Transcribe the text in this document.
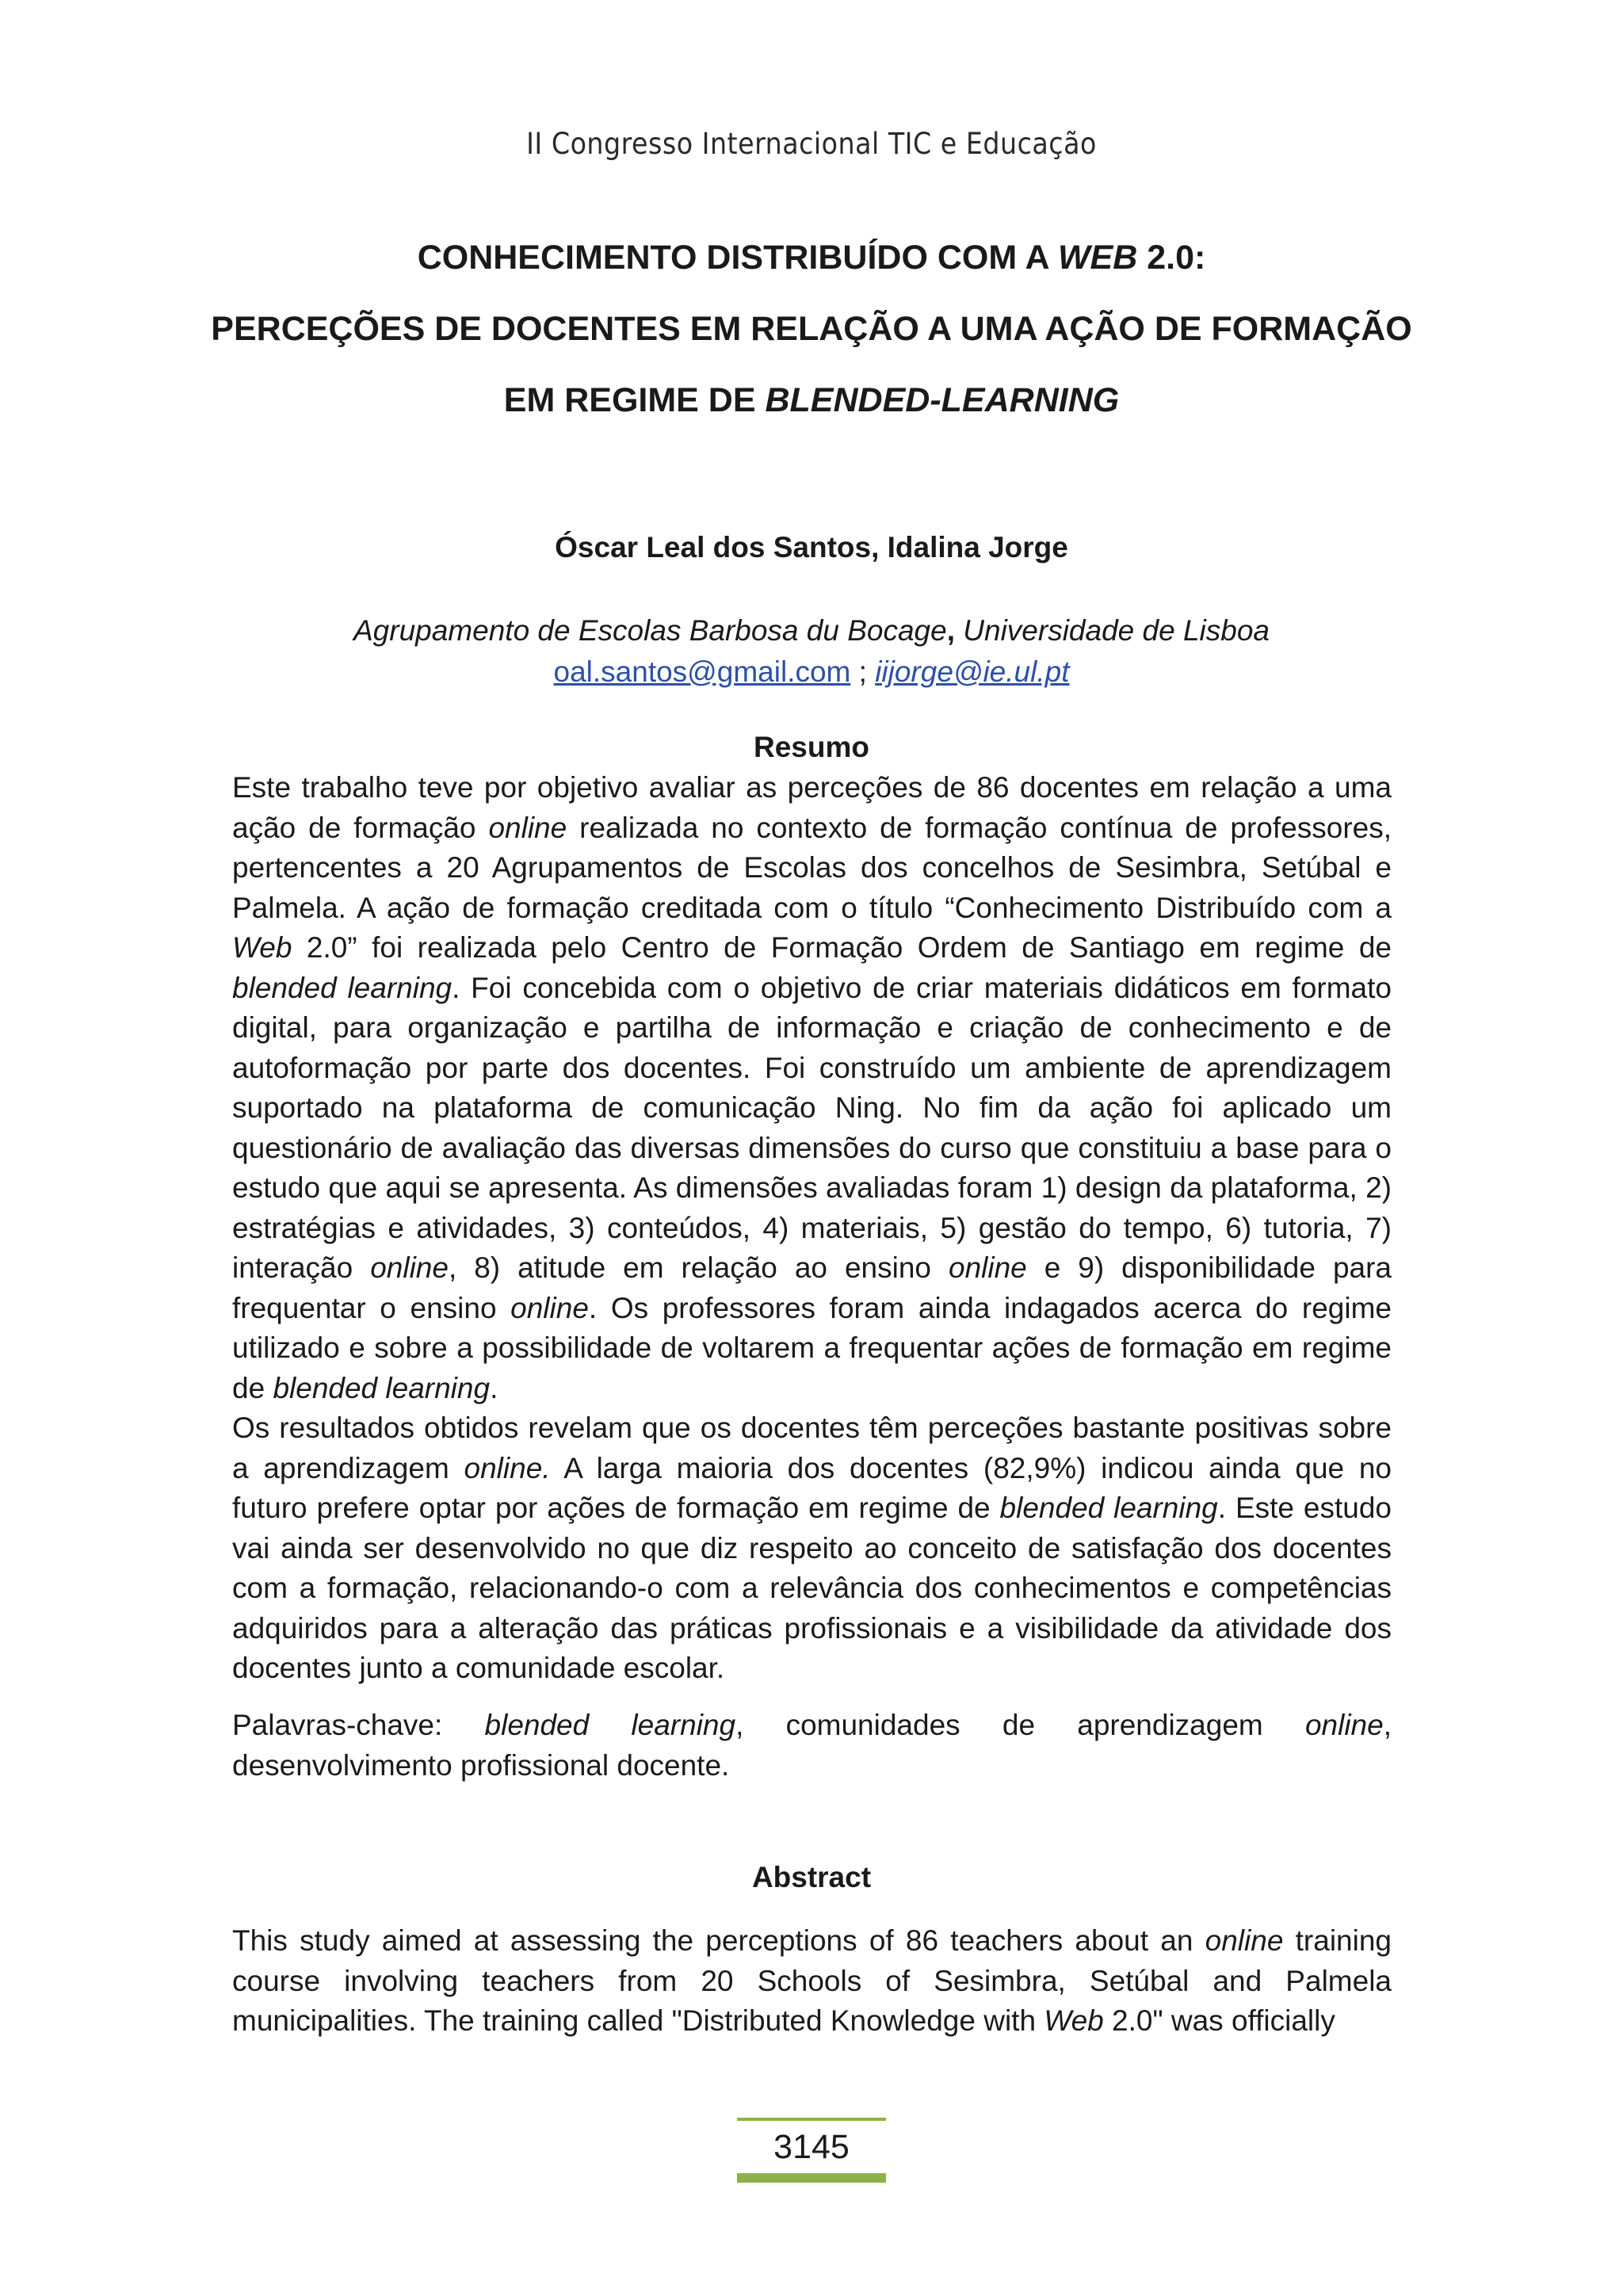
II Congresso Internacional TIC e Educação
CONHECIMENTO DISTRIBUÍDO COM A WEB 2.0:
PERCEÇÕES DE DOCENTES EM RELAÇÃO A UMA AÇÃO DE FORMAÇÃO
EM REGIME DE BLENDED-LEARNING
Óscar Leal dos Santos, Idalina Jorge
Agrupamento de Escolas Barbosa du Bocage, Universidade de Lisboa
oal.santos@gmail.com ; iijorge@ie.ul.pt
Resumo

Este trabalho teve por objetivo avaliar as perceções de 86 docentes em relação a uma ação de formação online realizada no contexto de formação contínua de professores, pertencentes a 20 Agrupamentos de Escolas dos concelhos de Sesimbra, Setúbal e Palmela. A ação de formação creditada com o título “Conhecimento Distribuído com a Web 2.0” foi realizada pelo Centro de Formação Ordem de Santiago em regime de blended learning. Foi concebida com o objetivo de criar materiais didáticos em formato digital, para organização e partilha de informação e criação de conhecimento e de autoformação por parte dos docentes. Foi construído um ambiente de aprendizagem suportado na plataforma de comunicação Ning. No fim da ação foi aplicado um questionário de avaliação das diversas dimensões do curso que constituiu a base para o estudo que aqui se apresenta. As dimensões avaliadas foram 1) design da plataforma, 2) estratégias e atividades, 3) conteúdos, 4) materiais, 5) gestão do tempo, 6) tutoria, 7) interação online, 8) atitude em relação ao ensino online e 9) disponibilidade para frequentar o ensino online. Os professores foram ainda indagados acerca do regime utilizado e sobre a possibilidade de voltarem a frequentar ações de formação em regime de blended learning.

Os resultados obtidos revelam que os docentes têm perceções bastante positivas sobre a aprendizagem online. A larga maioria dos docentes (82,9%) indicou ainda que no futuro prefere optar por ações de formação em regime de blended learning. Este estudo vai ainda ser desenvolvido no que diz respeito ao conceito de satisfação dos docentes com a formação, relacionando-o com a relevância dos conhecimentos e competências adquiridos para a alteração das práticas profissionais e a visibilidade da atividade dos docentes junto a comunidade escolar.

Palavras-chave: blended learning, comunidades de aprendizagem online, desenvolvimento profissional docente.
Abstract

This study aimed at assessing the perceptions of 86 teachers about an online training course involving teachers from 20 Schools of Sesimbra, Setúbal and Palmela municipalities. The training called "Distributed Knowledge with Web 2.0" was officially

3145
